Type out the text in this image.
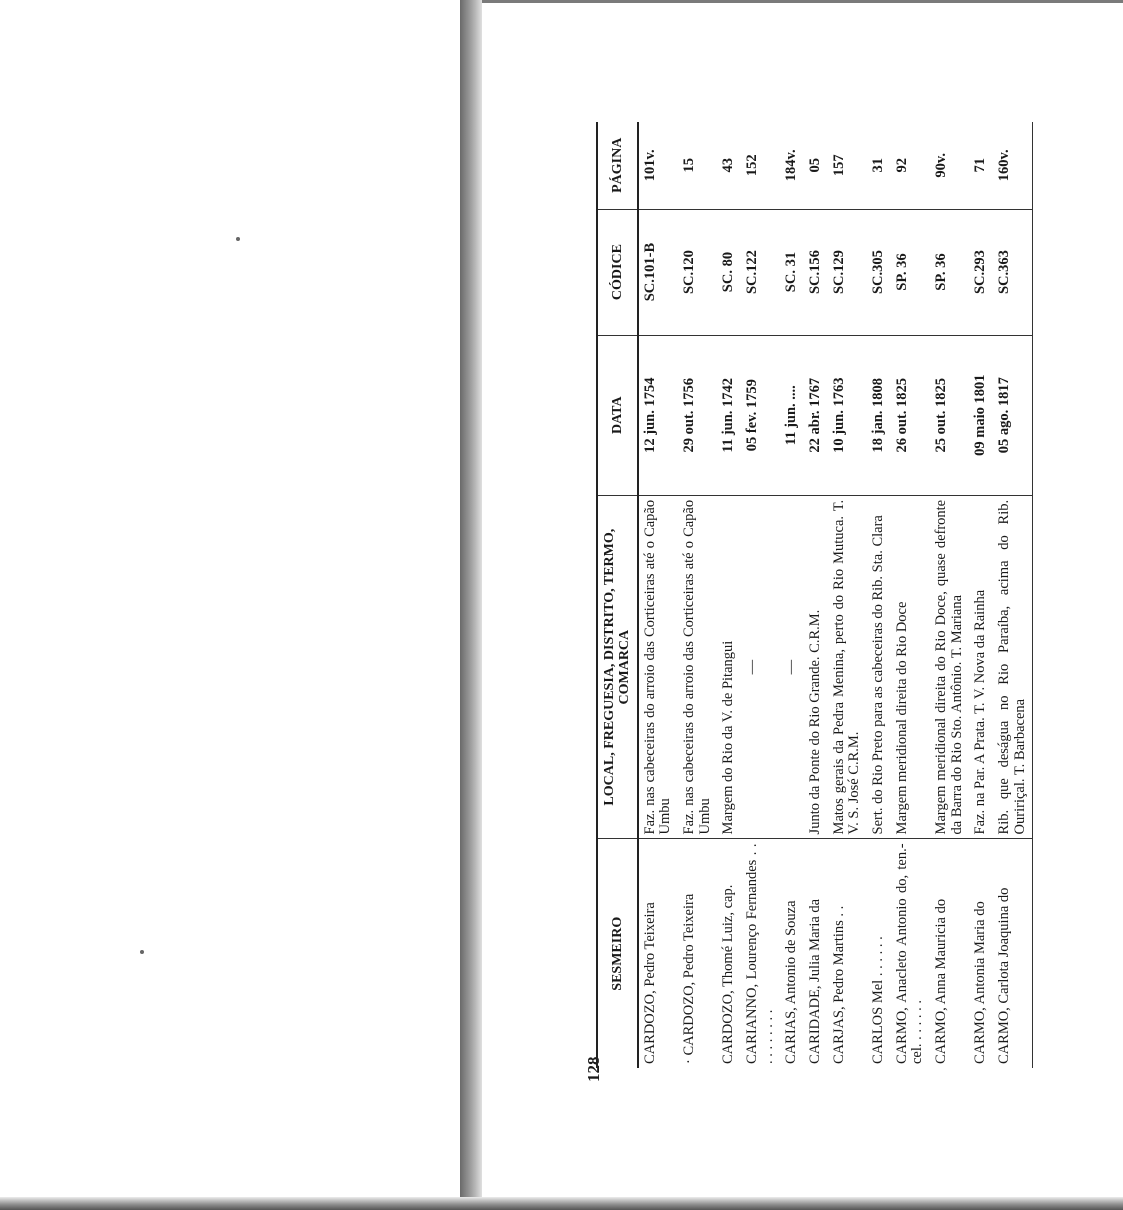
128
SESMEIRO	LOCAL, FREGUESIA, DISTRITO, TERMO, COMARCA	DATA	CÓDICE	PÁGINA
CARDOZO, Pedro Teixeira	Faz. nas cabeceiras do arroio das Corticeiras até o Capão Umbu	12 jun. 1754	SC.101-B	101v.
· CARDOZO, Pedro Teixeira	Faz. nas cabeceiras do arroio das Corticeiras até o Capão Umbu	29 out. 1756	SC.120	15
CARDOZO, Thomé Luiz, cap.	Margem do Rio da V. de Pitangui	11 jun. 1742	SC. 80	43
CARIANNO, Lourenço Fernandes . . . . . . . . . .	—	05 fev. 1759	SC.122	152
CARIAS, Antonio de Souza	—	11 jun. ....	SC. 31	184v.
CARIDADE, Julia Maria da	Junto da Ponte do Rio Grande. C.R.M.	22 abr. 1767	SC.156	05
CARJAS, Pedro Martins . .	Matos gerais da Pedra Menina, perto do Rio Mutuca. T. V. S. José C.R.M.	10 jun. 1763	SC.129	157
CARLOS Mel . . . . . .	Sert. do Rio Preto para as cabeceiras do Rib. Sta. Clara	18 jan. 1808	SC.305	31
CARMO, Anacleto Antonio do, ten.-cel. . . . . . .	Margem meridional direita do Rio Doce	26 out. 1825	SP. 36	92
CARMO, Anna Mauricia do	Margem meridional direita do Rio Doce, quase defronte da Barra do Rio Sto. Antônio. T. Mariana	25 out. 1825	SP. 36	90v.
CARMO, Antonia Maria do	Faz. na Par. A Prata. T. V. Nova da Rainha	09 maio 1801	SC.293	71
CARMO, Carlota Joaquina do	Rib. que deságua no Rio Paraíba, acima do Rib. Ouririçal. T. Barbacena	05 ago. 1817	SC.363	160v.
